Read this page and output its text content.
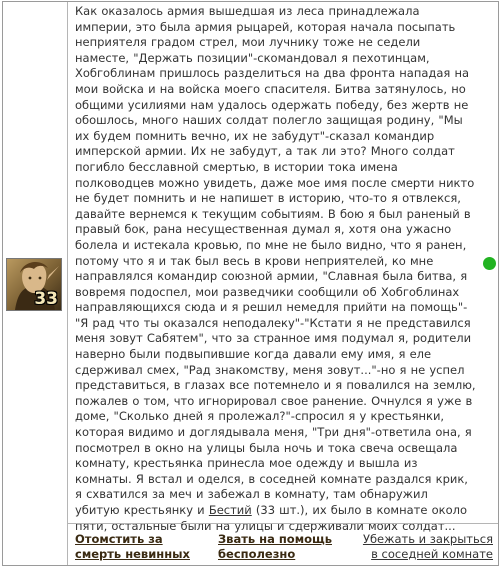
33

Как оказалось армия вышедшая из леса принадлежала империи, это была армия рыцарей, которая начала посыпать неприятеля градом стрел, мои лучнику тоже не седели наместе, "Держать позиции"-скомандовал я пехотинцам, Хобгоблинам пришлось разделиться на два фронта нападая на мои войска и на войска моего спасителя. Битва затянулось, но общими усилиями нам удалось одержать победу, без жертв не обошлось, много наших солдат полегло защищая родину, "Мы их будем помнить вечно, их не забудут"-сказал командир имперской армии. Их не забудут, а так ли это? Много солдат погибло бесславной смертью, в истории тока имена полководцев можно увидеть, даже мое имя после смерти никто не будет помнить и не напишет в историю, что-то я отвлекся, давайте вернемся к текущим событиям. В бою я был раненый в правый бок, рана несущественная думал я, хотя она ужасно болела и истекала кровью, по мне не было видно, что я ранен, потому что я и так был весь в крови неприятелей, ко мне направлялся командир союзной армии, "Славная была битва, я вовремя подоспел, мои разведчики сообщили об Хобгоблинах направляющихся сюда и я решил немедля прийти на помощь"-"Я рад что ты оказался неподалеку"-"Кстати я не представился меня зовут Сабятем", что за странное имя подумал я, родители наверно были подвыпившие когда давали ему имя, я еле сдерживал смех, "Рад знакомству, меня зовут..."-но я не успел представиться, в глазах все потемнело и я повалился на землю, пожалев о том, что игнорировал свое ранение. Очнулся я уже в доме, "Сколько дней я пролежал?"-спросил я у крестьянки, которая видимо и доглядывала меня, "Три дня"-ответила она, я посмотрел в окно на улицы была ночь и тока свеча освещала комнату, крестьянка принесла мое одежду и вышла из комнаты. Я встал и оделся, в соседней комнате раздался крик, я схватился за меч и забежал в комнату, там обнаружил убитую крестьянку и Бестий (33 шт.), их было в комнате около пяти, остальные были на улицы и сдерживали моих солдат...

Отомстить за смерть невинных
Звать на помощь бесполезно
Убежать и закрыться в соседней комнате
